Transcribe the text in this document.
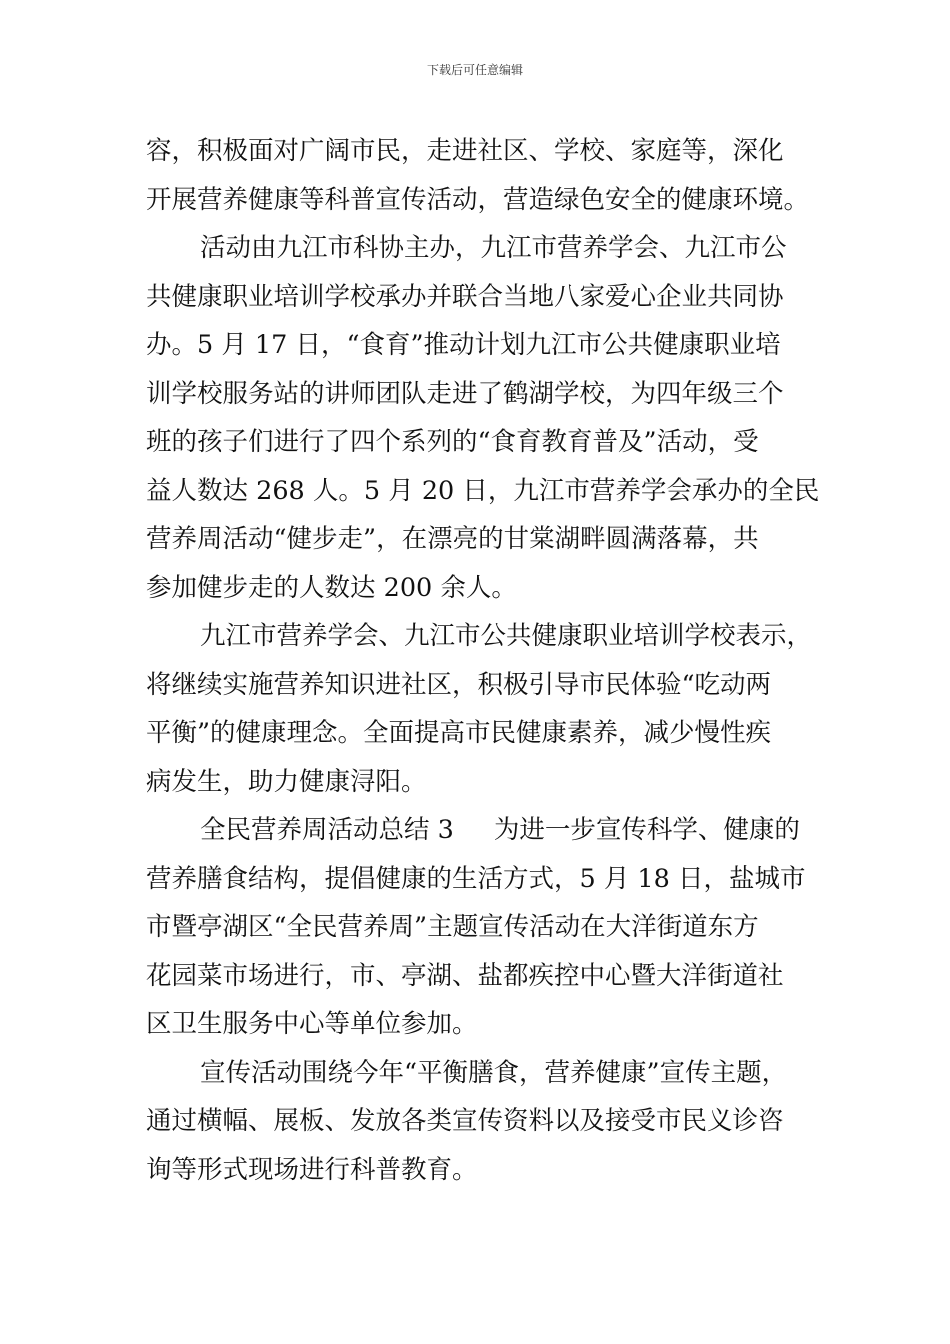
下载后可任意编辑
容，积极面对广阔市民，走进社区、学校、家庭等，深化
开展营养健康等科普宣传活动，营造绿色安全的健康环境。
活动由九江市科协主办，九江市营养学会、九江市公
共健康职业培训学校承办并联合当地八家爱心企业共同协
办。5 月 17 日，“食育”推动计划九江市公共健康职业培
训学校服务站的讲师团队走进了鹤湖学校，为四年级三个
班的孩子们进行了四个系列的“食育教育普及”活动，受
益人数达 268 人。5 月 20 日，九江市营养学会承办的全民
营养周活动“健步走”，在漂亮的甘棠湖畔圆满落幕，共
参加健步走的人数达 200 余人。
九江市营养学会、九江市公共健康职业培训学校表示，
将继续实施营养知识进社区，积极引导市民体验“吃动两
平衡”的健康理念。全面提高市民健康素养，减少慢性疾
病发生，助力健康浔阳。
全民营养周活动总结 3 为进一步宣传科学、健康的
营养膳食结构，提倡健康的生活方式，5 月 18 日，盐城市
市暨亭湖区“全民营养周”主题宣传活动在大洋街道东方
花园菜市场进行，市、亭湖、盐都疾控中心暨大洋街道社
区卫生服务中心等单位参加。
宣传活动围绕今年“平衡膳食，营养健康”宣传主题，
通过横幅、展板、发放各类宣传资料以及接受市民义诊咨
询等形式现场进行科普教育。
